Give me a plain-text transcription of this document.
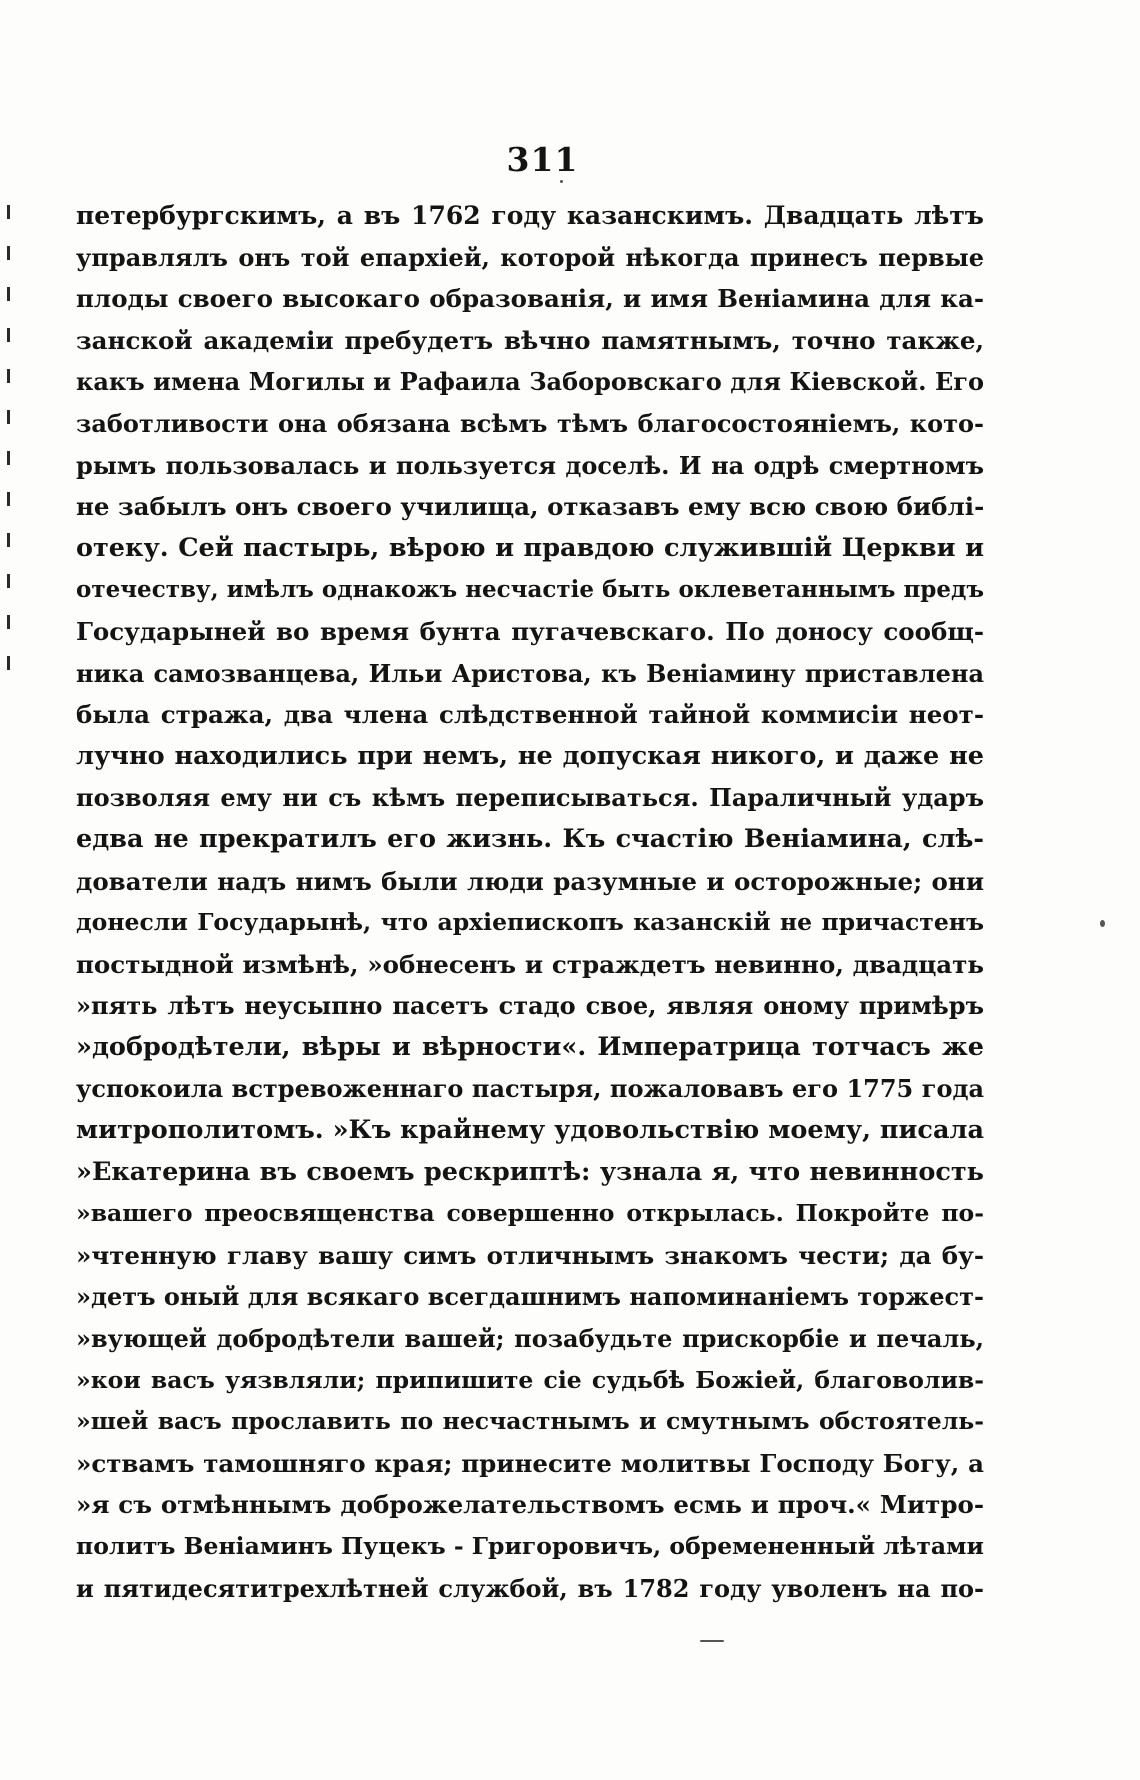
311
петербургскимъ, а въ 1762 году казанскимъ. Двадцать лѣтъ
управлялъ онъ той епархіей, которой нѣкогда принесъ первые
плоды своего высокаго образованія, и имя Веніамина для ка-
занской академіи пребудетъ вѣчно памятнымъ, точно также,
какъ имена Могилы и Рафаила Заборовскаго для Кіевской. Его
заботливости она обязана всѣмъ тѣмъ благосостояніемъ, кото-
рымъ пользовалась и пользуется доселѣ. И на одрѣ смертномъ
не забылъ онъ своего училища, отказавъ ему всю свою библі-
отеку. Сей пастырь, вѣрою и правдою служившій Церкви и
отечеству, имѣлъ однакожъ несчастіе быть оклеветаннымъ предъ
Государыней во время бунта пугачевскаго. По доносу сообщ-
ника самозванцева, Ильи Аристова, къ Веніамину приставлена
была стража, два члена слѣдственной тайной коммисіи неот-
лучно находились при немъ, не допуская никого, и даже не
позволяя ему ни съ кѣмъ переписываться. Параличный ударъ
едва не прекратилъ его жизнь. Къ счастію Веніамина, слѣ-
дователи надъ нимъ были люди разумные и осторожные; они
донесли Государынѣ, что архіепископъ казанскій не причастенъ
постыдной измѣнѣ, »обнесенъ и страждетъ невинно, двадцать
»пять лѣтъ неусыпно пасетъ стадо свое, являя оному примѣръ
»добродѣтели, вѣры и вѣрности«. Императрица тотчасъ же
успокоила встревоженнаго пастыря, пожаловавъ его 1775 года
митрополитомъ. »Къ крайнему удовольствію моему, писала
»Екатерина въ своемъ рескриптѣ: узнала я, что невинность
»вашего преосвященства совершенно открылась. Покройте по-
»чтенную главу вашу симъ отличнымъ знакомъ чести; да бу-
»детъ оный для всякаго всегдашнимъ напоминаніемъ торжест-
»вующей добродѣтели вашей; позабудьте прискорбіе и печаль,
»кои васъ уязвляли; припишите сіе судьбѣ Божіей, благоволив-
»шей васъ прославить по несчастнымъ и смутнымъ обстоятель-
»ствамъ тамошняго края; принесите молитвы Господу Богу, а
»я съ отмѣннымъ доброжелательствомъ есмь и проч.« Митро-
политъ Веніаминъ Пуцекъ - Григоровичъ, обремененный лѣтами
и пятидесятитрехлѣтней службой, въ 1782 году уволенъ на по-
